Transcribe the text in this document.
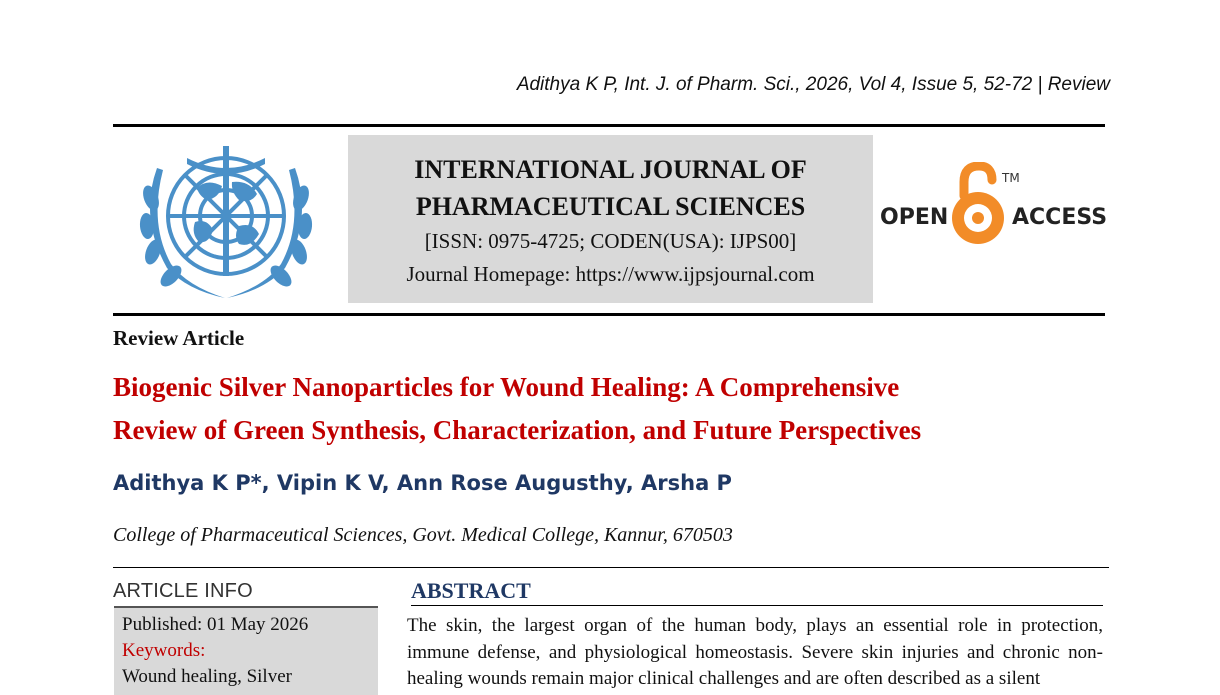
Adithya K P, Int. J. of Pharm. Sci., 2026, Vol 4, Issue 5, 52-72 | Review
INTERNATIONAL JOURNAL OF
PHARMACEUTICAL SCIENCES
[ISSN: 0975-4725; CODEN(USA): IJPS00]
Journal Homepage: https://www.ijpsjournal.com
OPEN	ACCESS
TM
Review Article
Biogenic Silver Nanoparticles for Wound Healing: A Comprehensive
Review of Green Synthesis, Characterization, and Future Perspectives
Adithya K P*, Vipin K V, Ann Rose Augusthy, Arsha P
College of Pharmaceutical Sciences, Govt. Medical College, Kannur, 670503
ARTICLE INFO
Published: 01 May 2026
Keywords:
Wound healing, Silver
ABSTRACT
The skin, the largest organ of the human body, plays an essential role in protection, immune defense, and physiological homeostasis. Severe skin injuries and chronic non-healing wounds remain major clinical challenges and are often described as a silent
